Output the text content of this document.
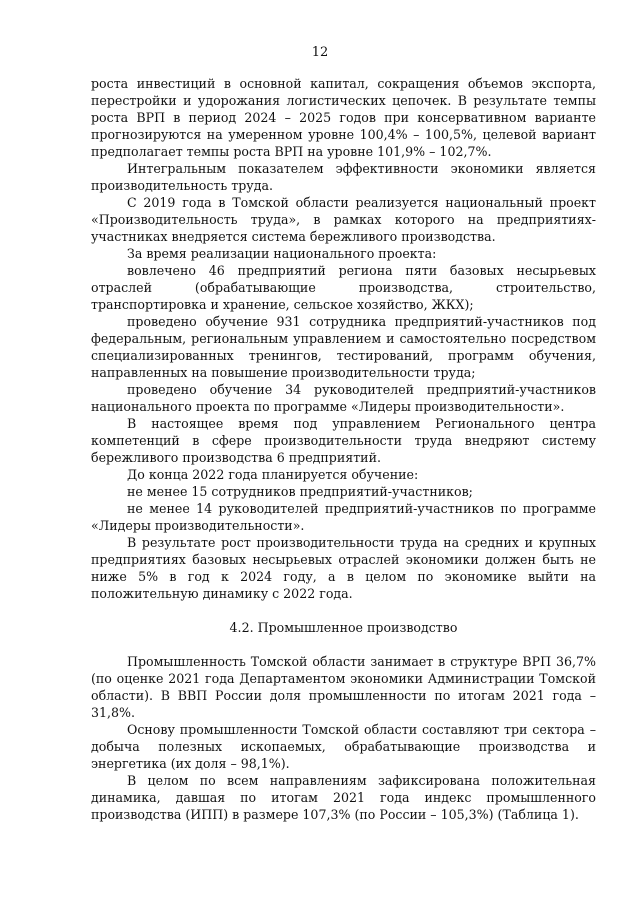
12

роста инвестиций в основной капитал, сокращения объемов экспорта, перестройки и удорожания логистических цепочек. В результате темпы роста ВРП в период 2024 – 2025 годов при консервативном варианте прогнозируются на умеренном уровне 100,4% – 100,5%, целевой вариант предполагает темпы роста ВРП на уровне 101,9% – 102,7%.

Интегральным показателем эффективности экономики является производительность труда.

С 2019 года в Томской области реализуется национальный проект «Производительность труда», в рамках которого на предприятиях-участниках внедряется система бережливого производства.

За время реализации национального проекта:

вовлечено 46 предприятий региона пяти базовых несырьевых отраслей (обрабатывающие производства, строительство, транспортировка и хранение, сельское хозяйство, ЖКХ);

проведено обучение 931 сотрудника предприятий-участников под федеральным, региональным управлением и самостоятельно посредством специализированных тренингов, тестирований, программ обучения, направленных на повышение производительности труда;

проведено обучение 34 руководителей предприятий-участников национального проекта по программе «Лидеры производительности».

В настоящее время под управлением Регионального центра компетенций в сфере производительности труда внедряют систему бережливого производства 6 предприятий.

До конца 2022 года планируется обучение:

не менее 15 сотрудников предприятий-участников;

не менее 14 руководителей предприятий-участников по программе «Лидеры производительности».

В результате рост производительности труда на средних и крупных предприятиях базовых несырьевых отраслей экономики должен быть не ниже 5% в год к 2024 году, а в целом по экономике выйти на положительную динамику с 2022 года.

4.2. Промышленное производство

Промышленность Томской области занимает в структуре ВРП 36,7% (по оценке 2021 года Департаментом экономики Администрации Томской области). В ВВП России доля промышленности по итогам 2021 года – 31,8%.

Основу промышленности Томской области составляют три сектора – добыча полезных ископаемых, обрабатывающие производства и энергетика (их доля – 98,1%).

В целом по всем направлениям зафиксирована положительная динамика, давшая по итогам 2021 года индекс промышленного производства (ИПП) в размере 107,3% (по России – 105,3%) (Таблица 1).
